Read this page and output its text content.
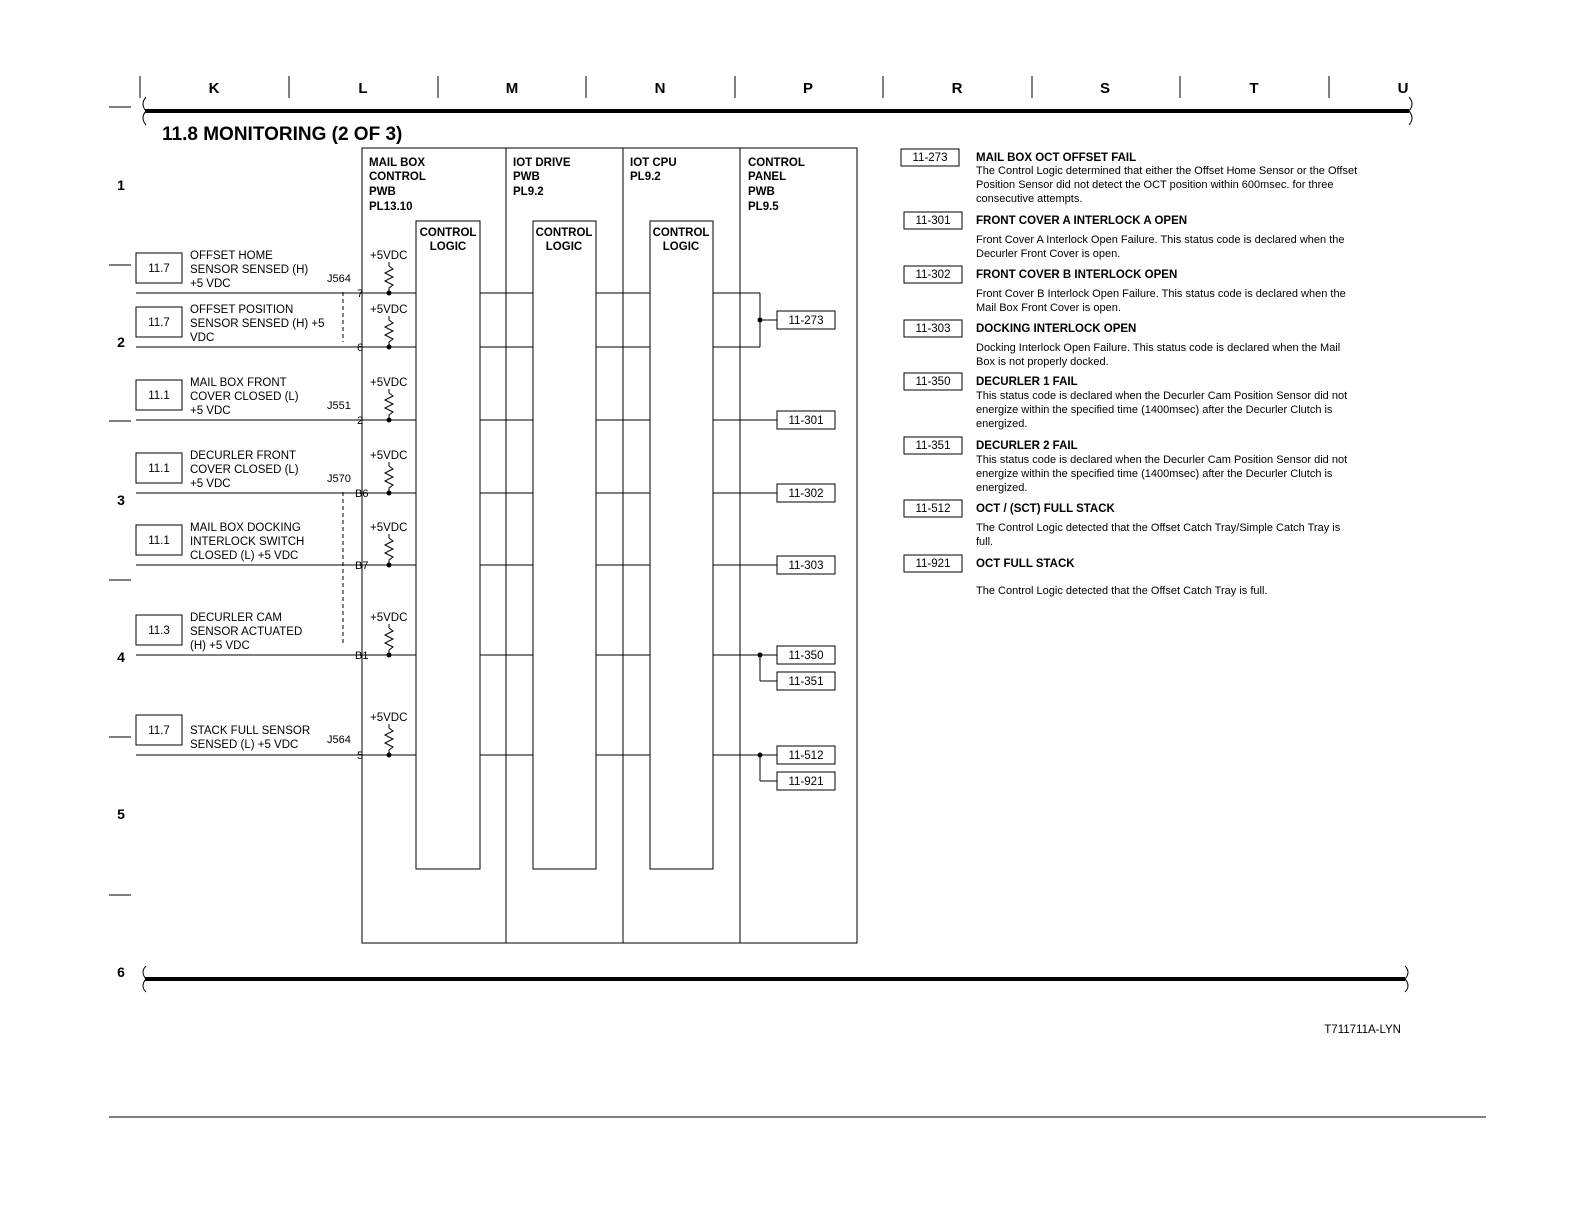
K	L	M	N	P	R	S	T	U
1
2
3
4
5
6
11.8 MONITORING (2 OF 3)
MAIL BOX
CONTROL
PWB
PL13.10
IOT DRIVE
PWB
PL9.2
IOT CPU
PL9.2
CONTROL
PANEL
PWB
PL9.5
CONTROL
LOGIC
CONTROL
LOGIC
CONTROL
LOGIC
11.7
OFFSET HOME
SENSOR SENSED (H)
+5 VDC	J564
7
+5VDC
11.7
OFFSET POSITION
SENSOR SENSED (H) +5
VDC
6
+5VDC
11.1
MAIL BOX FRONT
COVER CLOSED (L)
+5 VDC	J551
2
+5VDC
11.1
DECURLER FRONT
COVER CLOSED (L)
+5 VDC	J570
B6
+5VDC
11.1
MAIL BOX DOCKING
INTERLOCK SWITCH
CLOSED (L) +5 VDC
B7
+5VDC
11.3
DECURLER CAM
SENSOR ACTUATED
(H) +5 VDC
B1
+5VDC
11.7 STACK FULL SENSOR
SENSED (L) +5 VDC	J564
5
+5VDC
11-273
11-301
11-302
11-303
11-350
11-351
11-512
11-921
11-273 MAIL BOX OCT OFFSET FAIL
The Control Logic determined that either the Offset Home Sensor or the Offset
Position Sensor did not detect the OCT position within 600msec. for three
consecutive attempts.
11-301 FRONT COVER A INTERLOCK A OPEN
Front Cover A Interlock Open Failure. This status code is declared when the
Decurler Front Cover is open.
11-302 FRONT COVER B INTERLOCK OPEN
Front Cover B Interlock Open Failure. This status code is declared when the
Mail Box Front Cover is open.
11-303 DOCKING INTERLOCK OPEN
Docking Interlock Open Failure. This status code is declared when the Mail
Box is not properly docked.
11-350 DECURLER 1 FAIL
This status code is declared when the Decurler Cam Position Sensor did not
energize within the specified time (1400msec) after the Decurler Clutch is
energized.
11-351 DECURLER 2 FAIL
This status code is declared when the Decurler Cam Position Sensor did not
energize within the specified time (1400msec) after the Decurler Clutch is
energized.
11-512 OCT / (SCT) FULL STACK
The Control Logic detected that the Offset Catch Tray/Simple Catch Tray is
full.
11-921 OCT FULL STACK
The Control Logic detected that the Offset Catch Tray is full.
T711711A-LYN
